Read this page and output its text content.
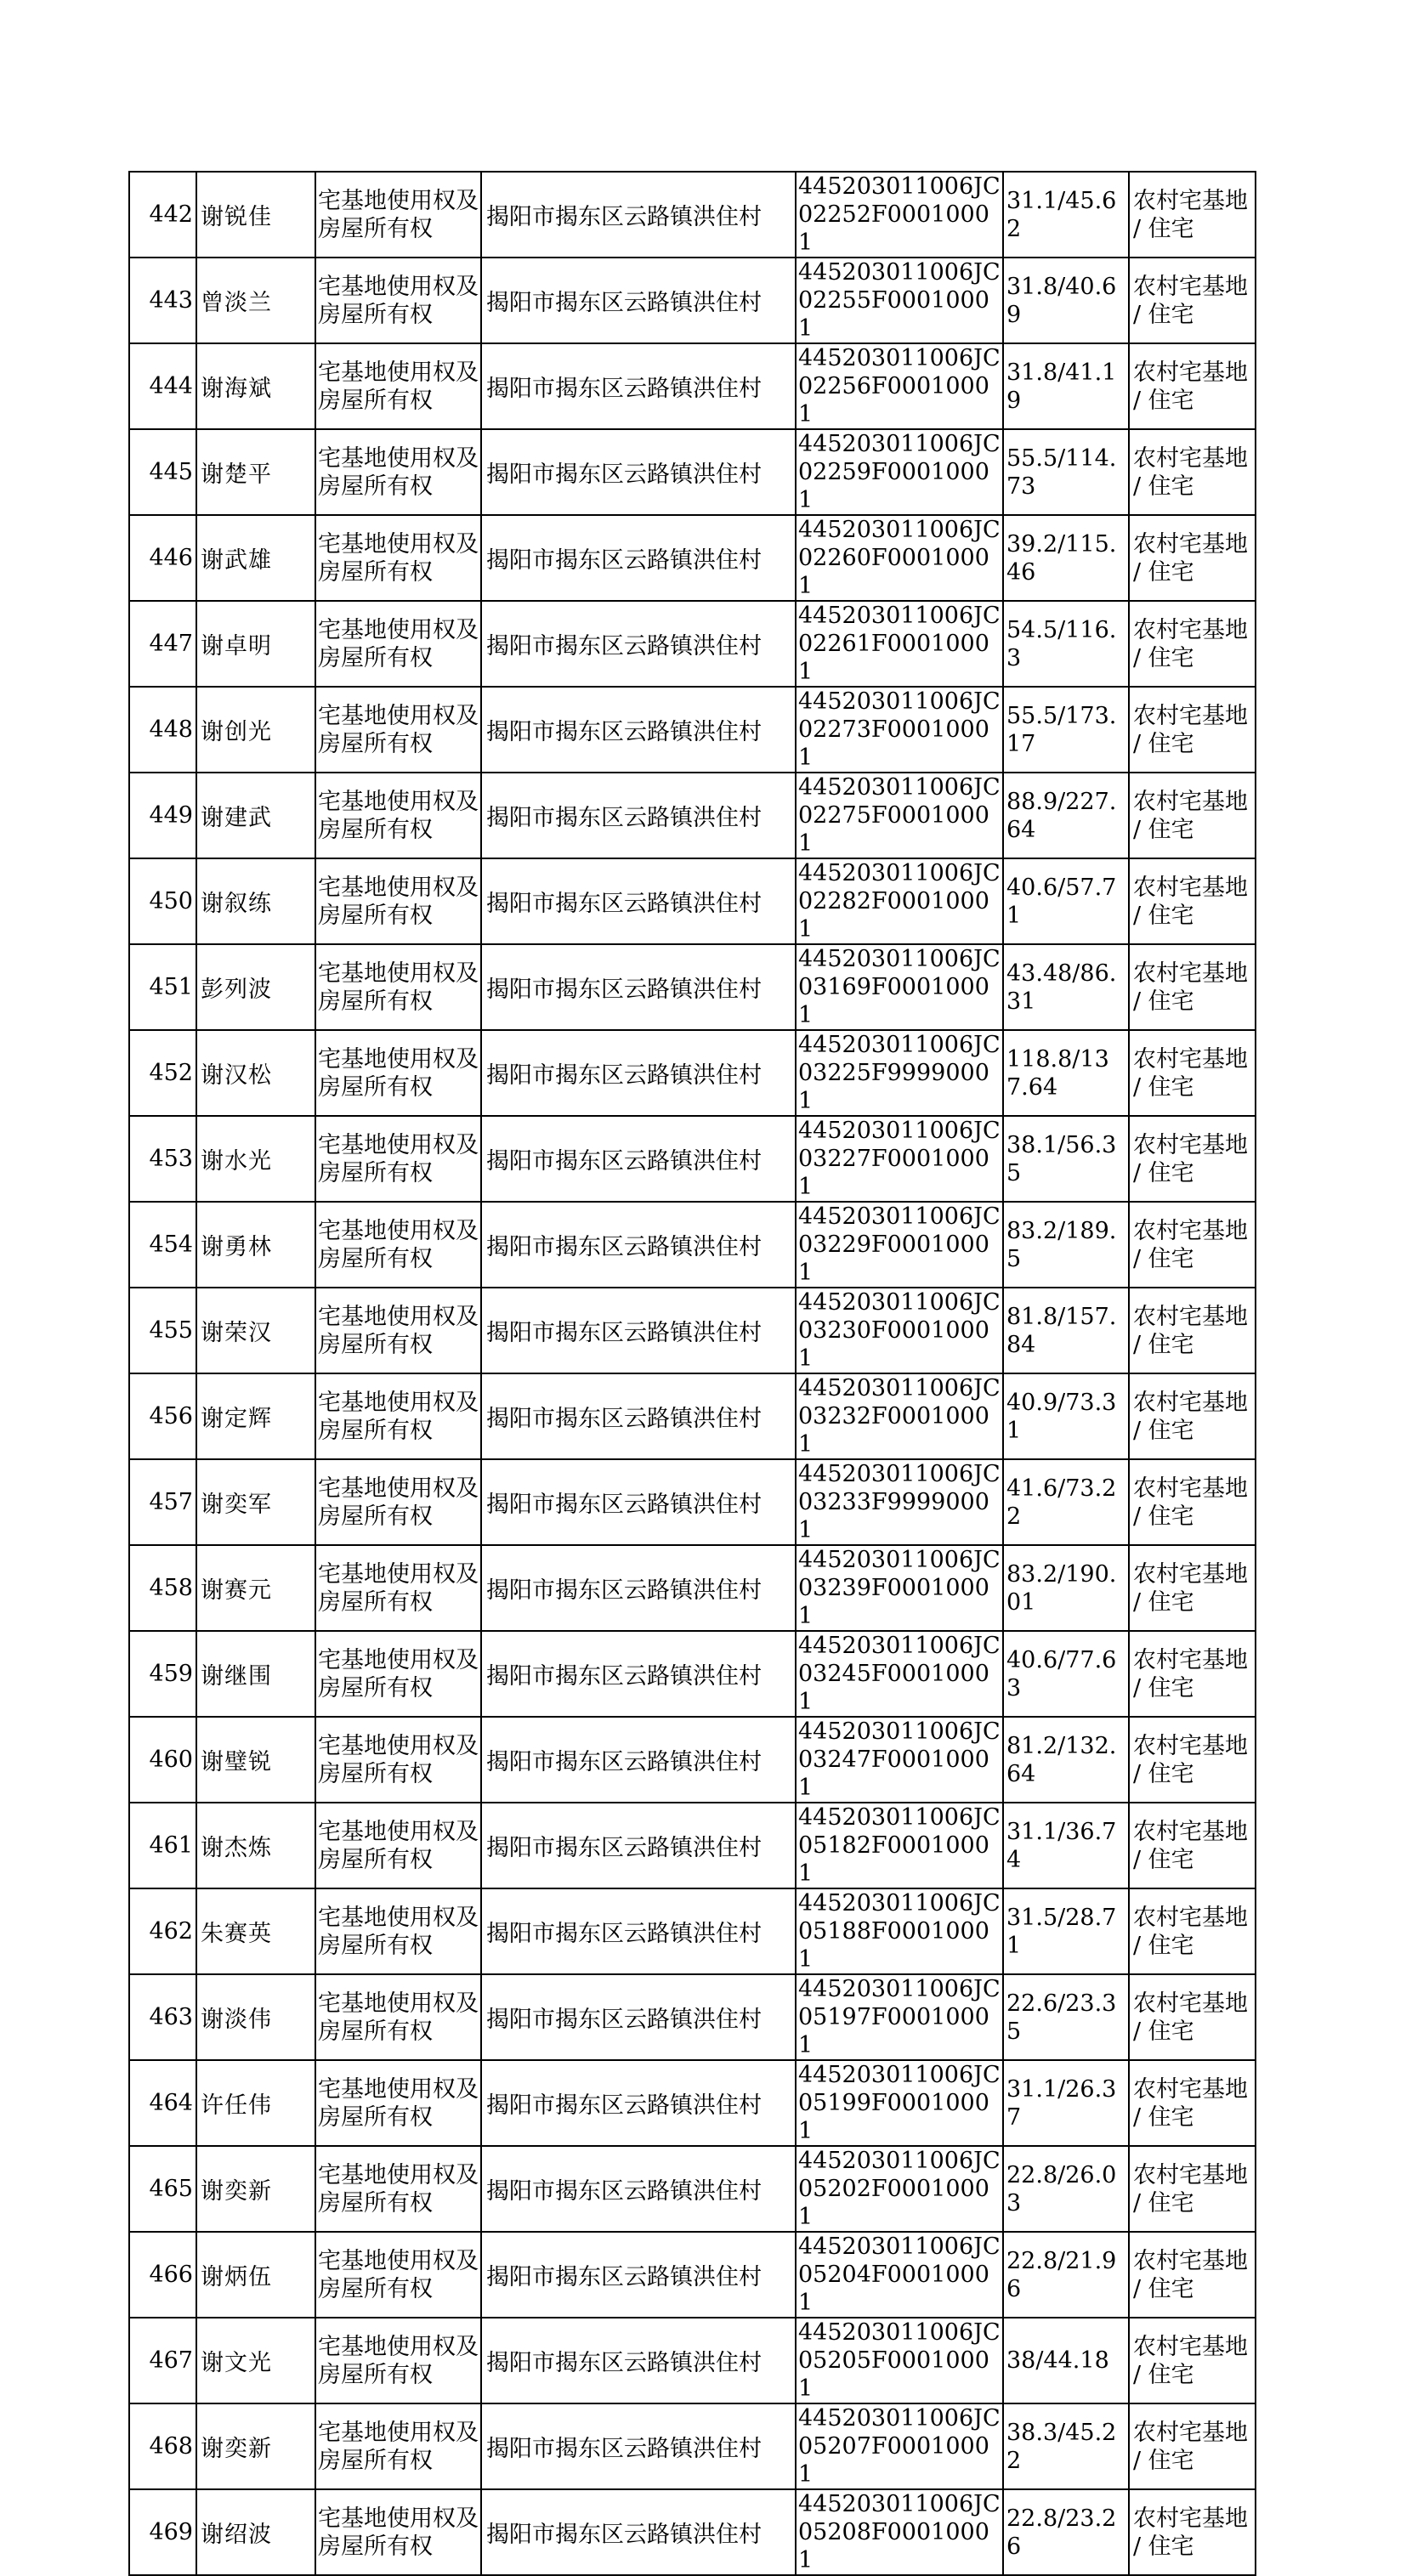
442	谢锐佳	宅基地使用权及房屋所有权	揭阳市揭东区云路镇洪住村	445203011006JC02252F00010001	31.1/45.62	农村宅基地 / 住宅
443	曾淡兰	宅基地使用权及房屋所有权	揭阳市揭东区云路镇洪住村	445203011006JC02255F00010001	31.8/40.69	农村宅基地 / 住宅
444	谢海斌	宅基地使用权及房屋所有权	揭阳市揭东区云路镇洪住村	445203011006JC02256F00010001	31.8/41.19	农村宅基地 / 住宅
445	谢楚平	宅基地使用权及房屋所有权	揭阳市揭东区云路镇洪住村	445203011006JC02259F00010001	55.5/114.73	农村宅基地 / 住宅
446	谢武雄	宅基地使用权及房屋所有权	揭阳市揭东区云路镇洪住村	445203011006JC02260F00010001	39.2/115.46	农村宅基地 / 住宅
447	谢卓明	宅基地使用权及房屋所有权	揭阳市揭东区云路镇洪住村	445203011006JC02261F00010001	54.5/116.3	农村宅基地 / 住宅
448	谢创光	宅基地使用权及房屋所有权	揭阳市揭东区云路镇洪住村	445203011006JC02273F00010001	55.5/173.17	农村宅基地 / 住宅
449	谢建武	宅基地使用权及房屋所有权	揭阳市揭东区云路镇洪住村	445203011006JC02275F00010001	88.9/227.64	农村宅基地 / 住宅
450	谢叙练	宅基地使用权及房屋所有权	揭阳市揭东区云路镇洪住村	445203011006JC02282F00010001	40.6/57.71	农村宅基地 / 住宅
451	彭列波	宅基地使用权及房屋所有权	揭阳市揭东区云路镇洪住村	445203011006JC03169F00010001	43.48/86.31	农村宅基地 / 住宅
452	谢汉松	宅基地使用权及房屋所有权	揭阳市揭东区云路镇洪住村	445203011006JC03225F99990001	118.8/137.64	农村宅基地 / 住宅
453	谢水光	宅基地使用权及房屋所有权	揭阳市揭东区云路镇洪住村	445203011006JC03227F00010001	38.1/56.35	农村宅基地 / 住宅
454	谢勇林	宅基地使用权及房屋所有权	揭阳市揭东区云路镇洪住村	445203011006JC03229F00010001	83.2/189.5	农村宅基地 / 住宅
455	谢荣汉	宅基地使用权及房屋所有权	揭阳市揭东区云路镇洪住村	445203011006JC03230F00010001	81.8/157.84	农村宅基地 / 住宅
456	谢定辉	宅基地使用权及房屋所有权	揭阳市揭东区云路镇洪住村	445203011006JC03232F00010001	40.9/73.31	农村宅基地 / 住宅
457	谢奕军	宅基地使用权及房屋所有权	揭阳市揭东区云路镇洪住村	445203011006JC03233F99990001	41.6/73.22	农村宅基地 / 住宅
458	谢赛元	宅基地使用权及房屋所有权	揭阳市揭东区云路镇洪住村	445203011006JC03239F00010001	83.2/190.01	农村宅基地 / 住宅
459	谢继围	宅基地使用权及房屋所有权	揭阳市揭东区云路镇洪住村	445203011006JC03245F00010001	40.6/77.63	农村宅基地 / 住宅
460	谢璧锐	宅基地使用权及房屋所有权	揭阳市揭东区云路镇洪住村	445203011006JC03247F00010001	81.2/132.64	农村宅基地 / 住宅
461	谢杰炼	宅基地使用权及房屋所有权	揭阳市揭东区云路镇洪住村	445203011006JC05182F00010001	31.1/36.74	农村宅基地 / 住宅
462	朱赛英	宅基地使用权及房屋所有权	揭阳市揭东区云路镇洪住村	445203011006JC05188F00010001	31.5/28.71	农村宅基地 / 住宅
463	谢淡伟	宅基地使用权及房屋所有权	揭阳市揭东区云路镇洪住村	445203011006JC05197F00010001	22.6/23.35	农村宅基地 / 住宅
464	许任伟	宅基地使用权及房屋所有权	揭阳市揭东区云路镇洪住村	445203011006JC05199F00010001	31.1/26.37	农村宅基地 / 住宅
465	谢奕新	宅基地使用权及房屋所有权	揭阳市揭东区云路镇洪住村	445203011006JC05202F00010001	22.8/26.03	农村宅基地 / 住宅
466	谢炳伍	宅基地使用权及房屋所有权	揭阳市揭东区云路镇洪住村	445203011006JC05204F00010001	22.8/21.96	农村宅基地 / 住宅
467	谢文光	宅基地使用权及房屋所有权	揭阳市揭东区云路镇洪住村	445203011006JC05205F00010001	38/44.18	农村宅基地 / 住宅
468	谢奕新	宅基地使用权及房屋所有权	揭阳市揭东区云路镇洪住村	445203011006JC05207F00010001	38.3/45.22	农村宅基地 / 住宅
469	谢绍波	宅基地使用权及房屋所有权	揭阳市揭东区云路镇洪住村	445203011006JC05208F00010001	22.8/23.26	农村宅基地 / 住宅
